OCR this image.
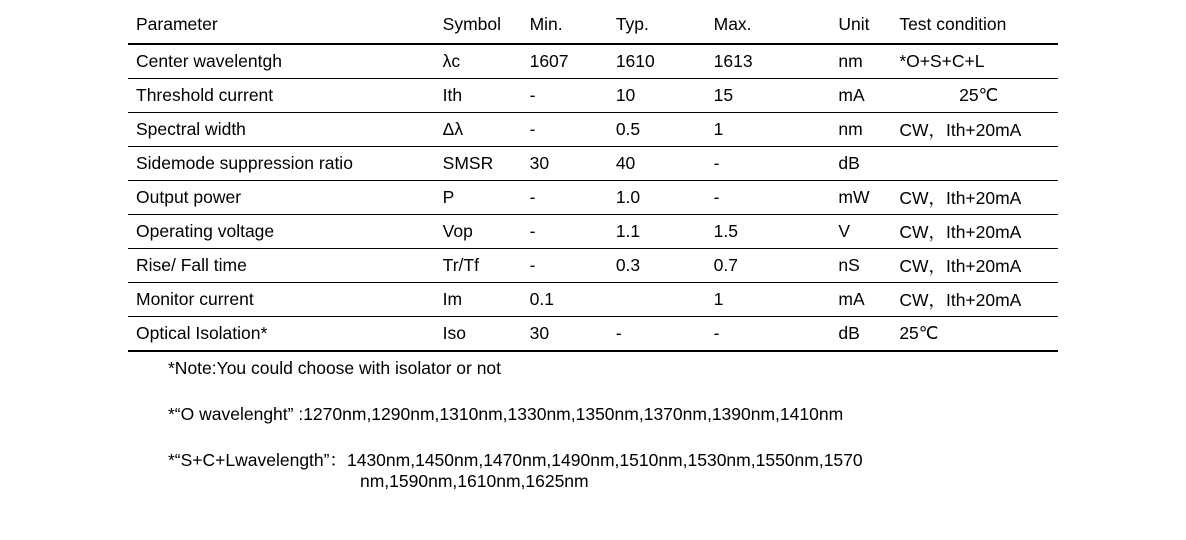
Parameter	Symbol	Min.	Typ.	Max.	Unit	Test condition
Center wavelentgh	λc	1607	1610	1613	nm	*O+S+C+L
Threshold current	Ith	-	10	15	mA	25℃
Spectral width	Δλ	-	0.5	1	nm	CW，Ith+20mA
Sidemode suppression ratio	SMSR	30	40	-	dB	
Output power	P	-	1.0	-	mW	CW，Ith+20mA
Operating voltage	Vop	-	1.1	1.5	V	CW，Ith+20mA
Rise/ Fall time	Tr/Tf	-	0.3	0.7	nS	CW，Ith+20mA
Monitor current	Im	0.1		1	mA	CW，Ith+20mA
Optical Isolation*	Iso	30	-	-	dB	25℃
*Note:You could choose with isolator or not
*“O wavelenght” :1270nm,1290nm,1310nm,1330nm,1350nm,1370nm,1390nm,1410nm
*“S+C+Lwavelength”：1430nm,1450nm,1470nm,1490nm,1510nm,1530nm,1550nm,1570
nm,1590nm,1610nm,1625nm
